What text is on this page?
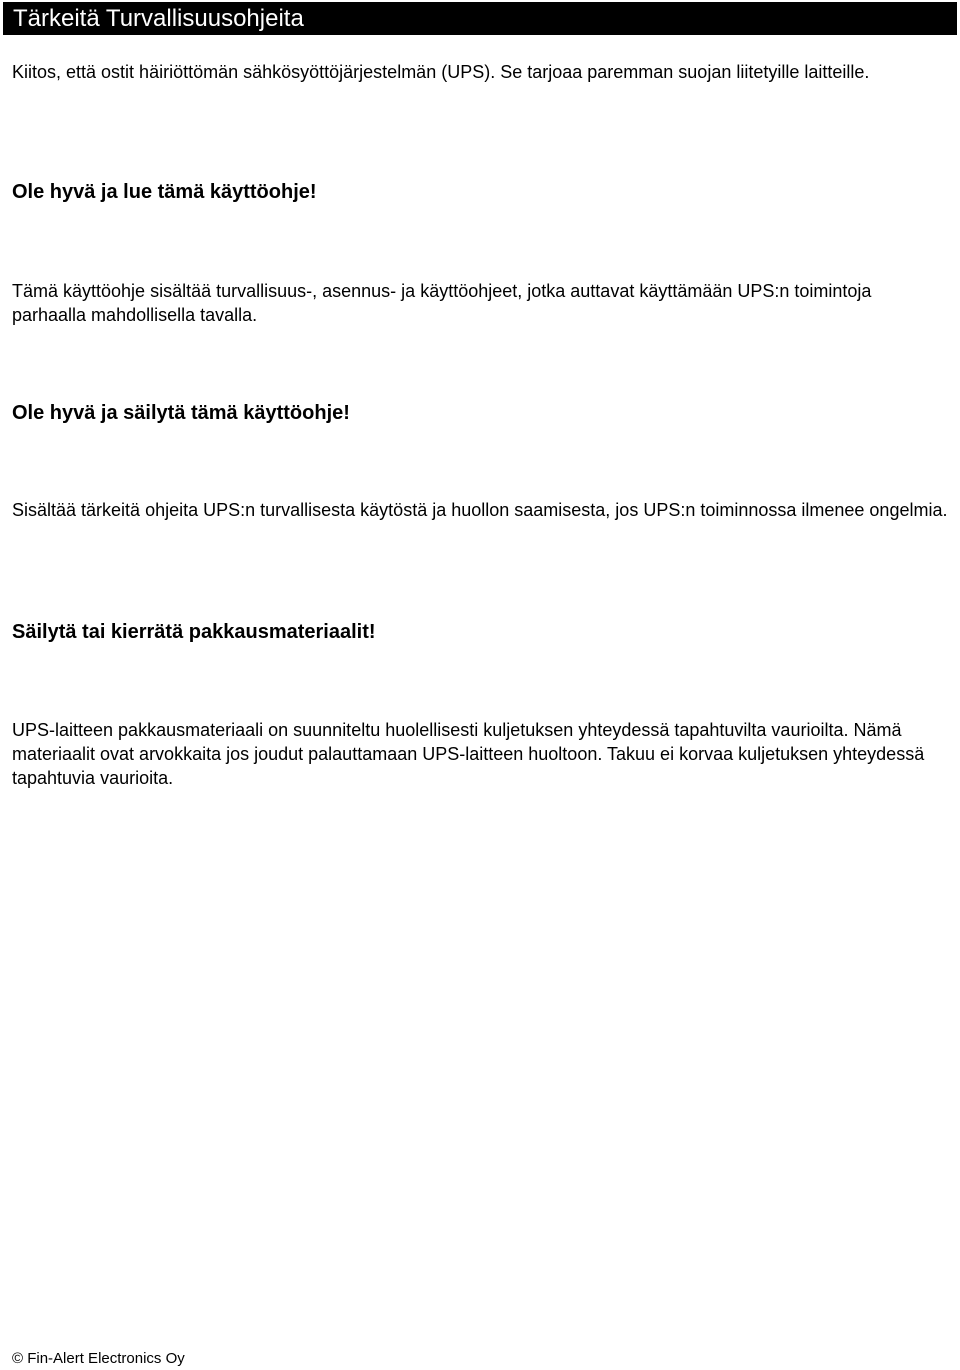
Tärkeitä Turvallisuusohjeita

Kiitos, että ostit häiriöttömän sähkösyöttöjärjestelmän (UPS). Se tarjoaa paremman suojan liitetyille laitteille.

Ole hyvä ja lue tämä käyttöohje!

Tämä käyttöohje sisältää turvallisuus-, asennus- ja käyttöohjeet, jotka auttavat käyttämään UPS:n toimintoja parhaalla mahdollisella tavalla.

Ole hyvä ja säilytä tämä käyttöohje!

Sisältää tärkeitä ohjeita UPS:n turvallisesta käytöstä ja huollon saamisesta, jos UPS:n toiminnossa ilmenee ongelmia.

Säilytä tai kierrätä pakkausmateriaalit!

UPS-laitteen pakkausmateriaali on suunniteltu huolellisesti kuljetuksen yhteydessä tapahtuvilta vaurioilta. Nämä materiaalit ovat arvokkaita jos joudut palauttamaan UPS-laitteen huoltoon. Takuu ei korvaa kuljetuksen yhteydessä tapahtuvia vaurioita.

© Fin-Alert Electronics Oy
